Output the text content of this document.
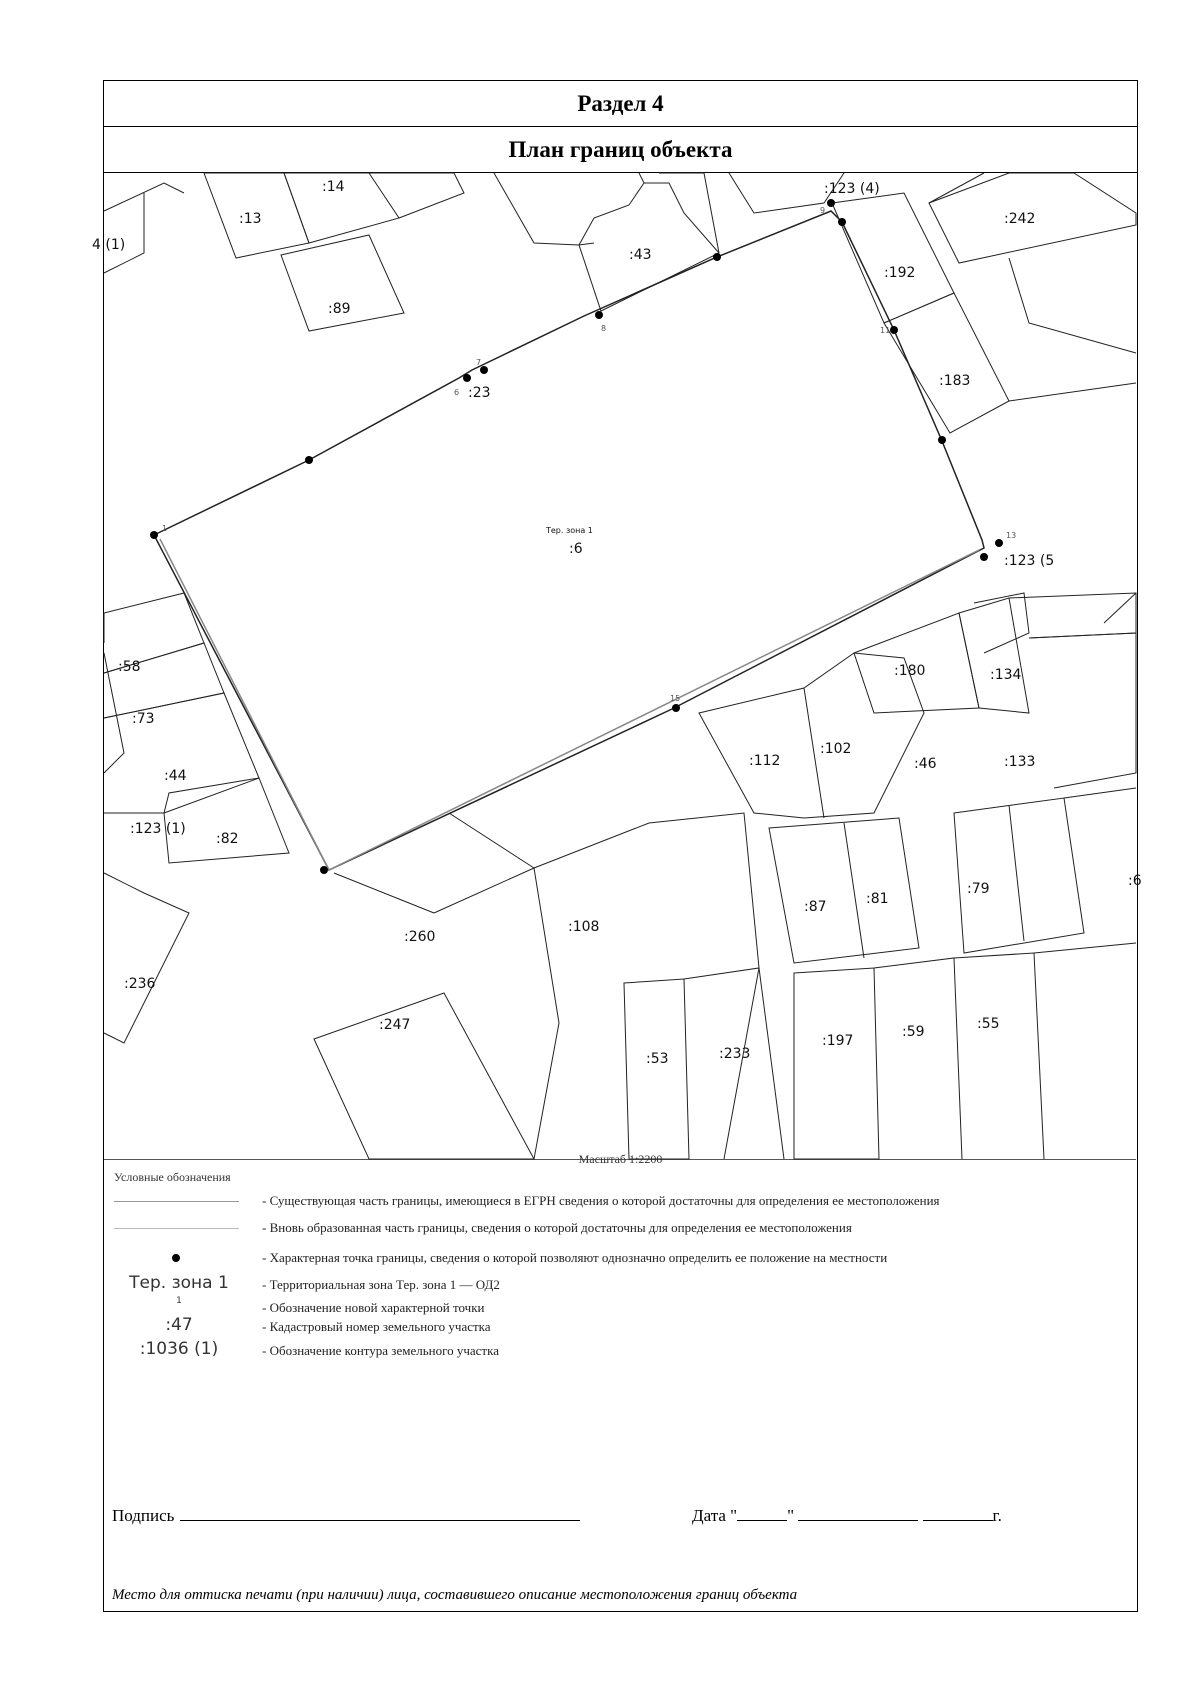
Раздел 4
План границ объекта
:14
:13
4 (1)
:89
:43
:123 (4)
:242
:192
:183
:23
:6
:123 (5
:58
:73
:44
:123 (1)
:82
:180	:134
:112
:102
:46	:133
:87	:81
:79	:6
:260
:108
:236
:247
:53	:233
:197
:59	:55
Тер. зона 1
9
8
7
6
1
11
13
15
Масштаб 1:2200
Условные обозначения
- Существующая часть границы, имеющиеся в ЕГРН сведения о которой достаточны для определения ее местоположения
- Вновь образованная часть границы, сведения о которой достаточны для определения ее местоположения
- Характерная точка границы, сведения о которой позволяют однозначно определить ее положение на местности
Тер. зона 1	- Территориальная зона Тер. зона 1 — ОД2
1	- Обозначение новой характерной точки
:47	- Кадастровый номер земельного участка
:1036 (1)	- Обозначение контура земельного участка
Подпись	Дата "	"	г.
Место для оттиска печати (при наличии) лица, составившего описание местоположения границ объекта
